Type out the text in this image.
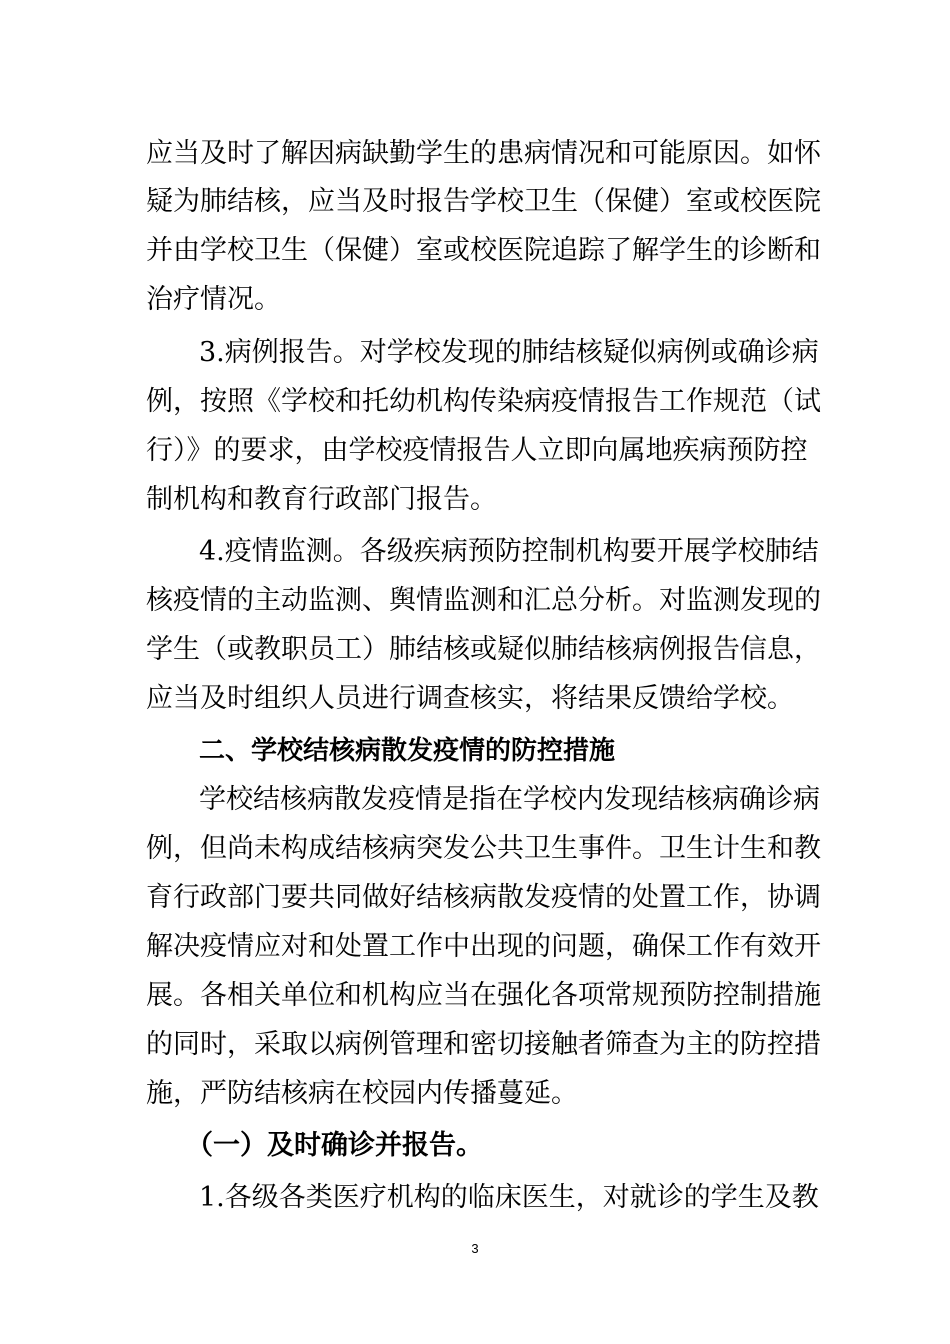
应当及时了解因病缺勤学生的患病情况和可能原因。如怀
疑为肺结核，应当及时报告学校卫生（保健）室或校医院
并由学校卫生（保健）室或校医院追踪了解学生的诊断和
治疗情况。
3.病例报告。对学校发现的肺结核疑似病例或确诊病
例，按照《学校和托幼机构传染病疫情报告工作规范（试
行）》的要求，由学校疫情报告人立即向属地疾病预防控
制机构和教育行政部门报告。
4.疫情监测。各级疾病预防控制机构要开展学校肺结
核疫情的主动监测、舆情监测和汇总分析。对监测发现的
学生（或教职员工）肺结核或疑似肺结核病例报告信息，
应当及时组织人员进行调查核实，将结果反馈给学校。
二、学校结核病散发疫情的防控措施
学校结核病散发疫情是指在学校内发现结核病确诊病
例，但尚未构成结核病突发公共卫生事件。卫生计生和教
育行政部门要共同做好结核病散发疫情的处置工作，协调
解决疫情应对和处置工作中出现的问题，确保工作有效开
展。各相关单位和机构应当在强化各项常规预防控制措施
的同时，采取以病例管理和密切接触者筛查为主的防控措
施，严防结核病在校园内传播蔓延。
（一）及时确诊并报告。
1.各级各类医疗机构的临床医生，对就诊的学生及教
3
